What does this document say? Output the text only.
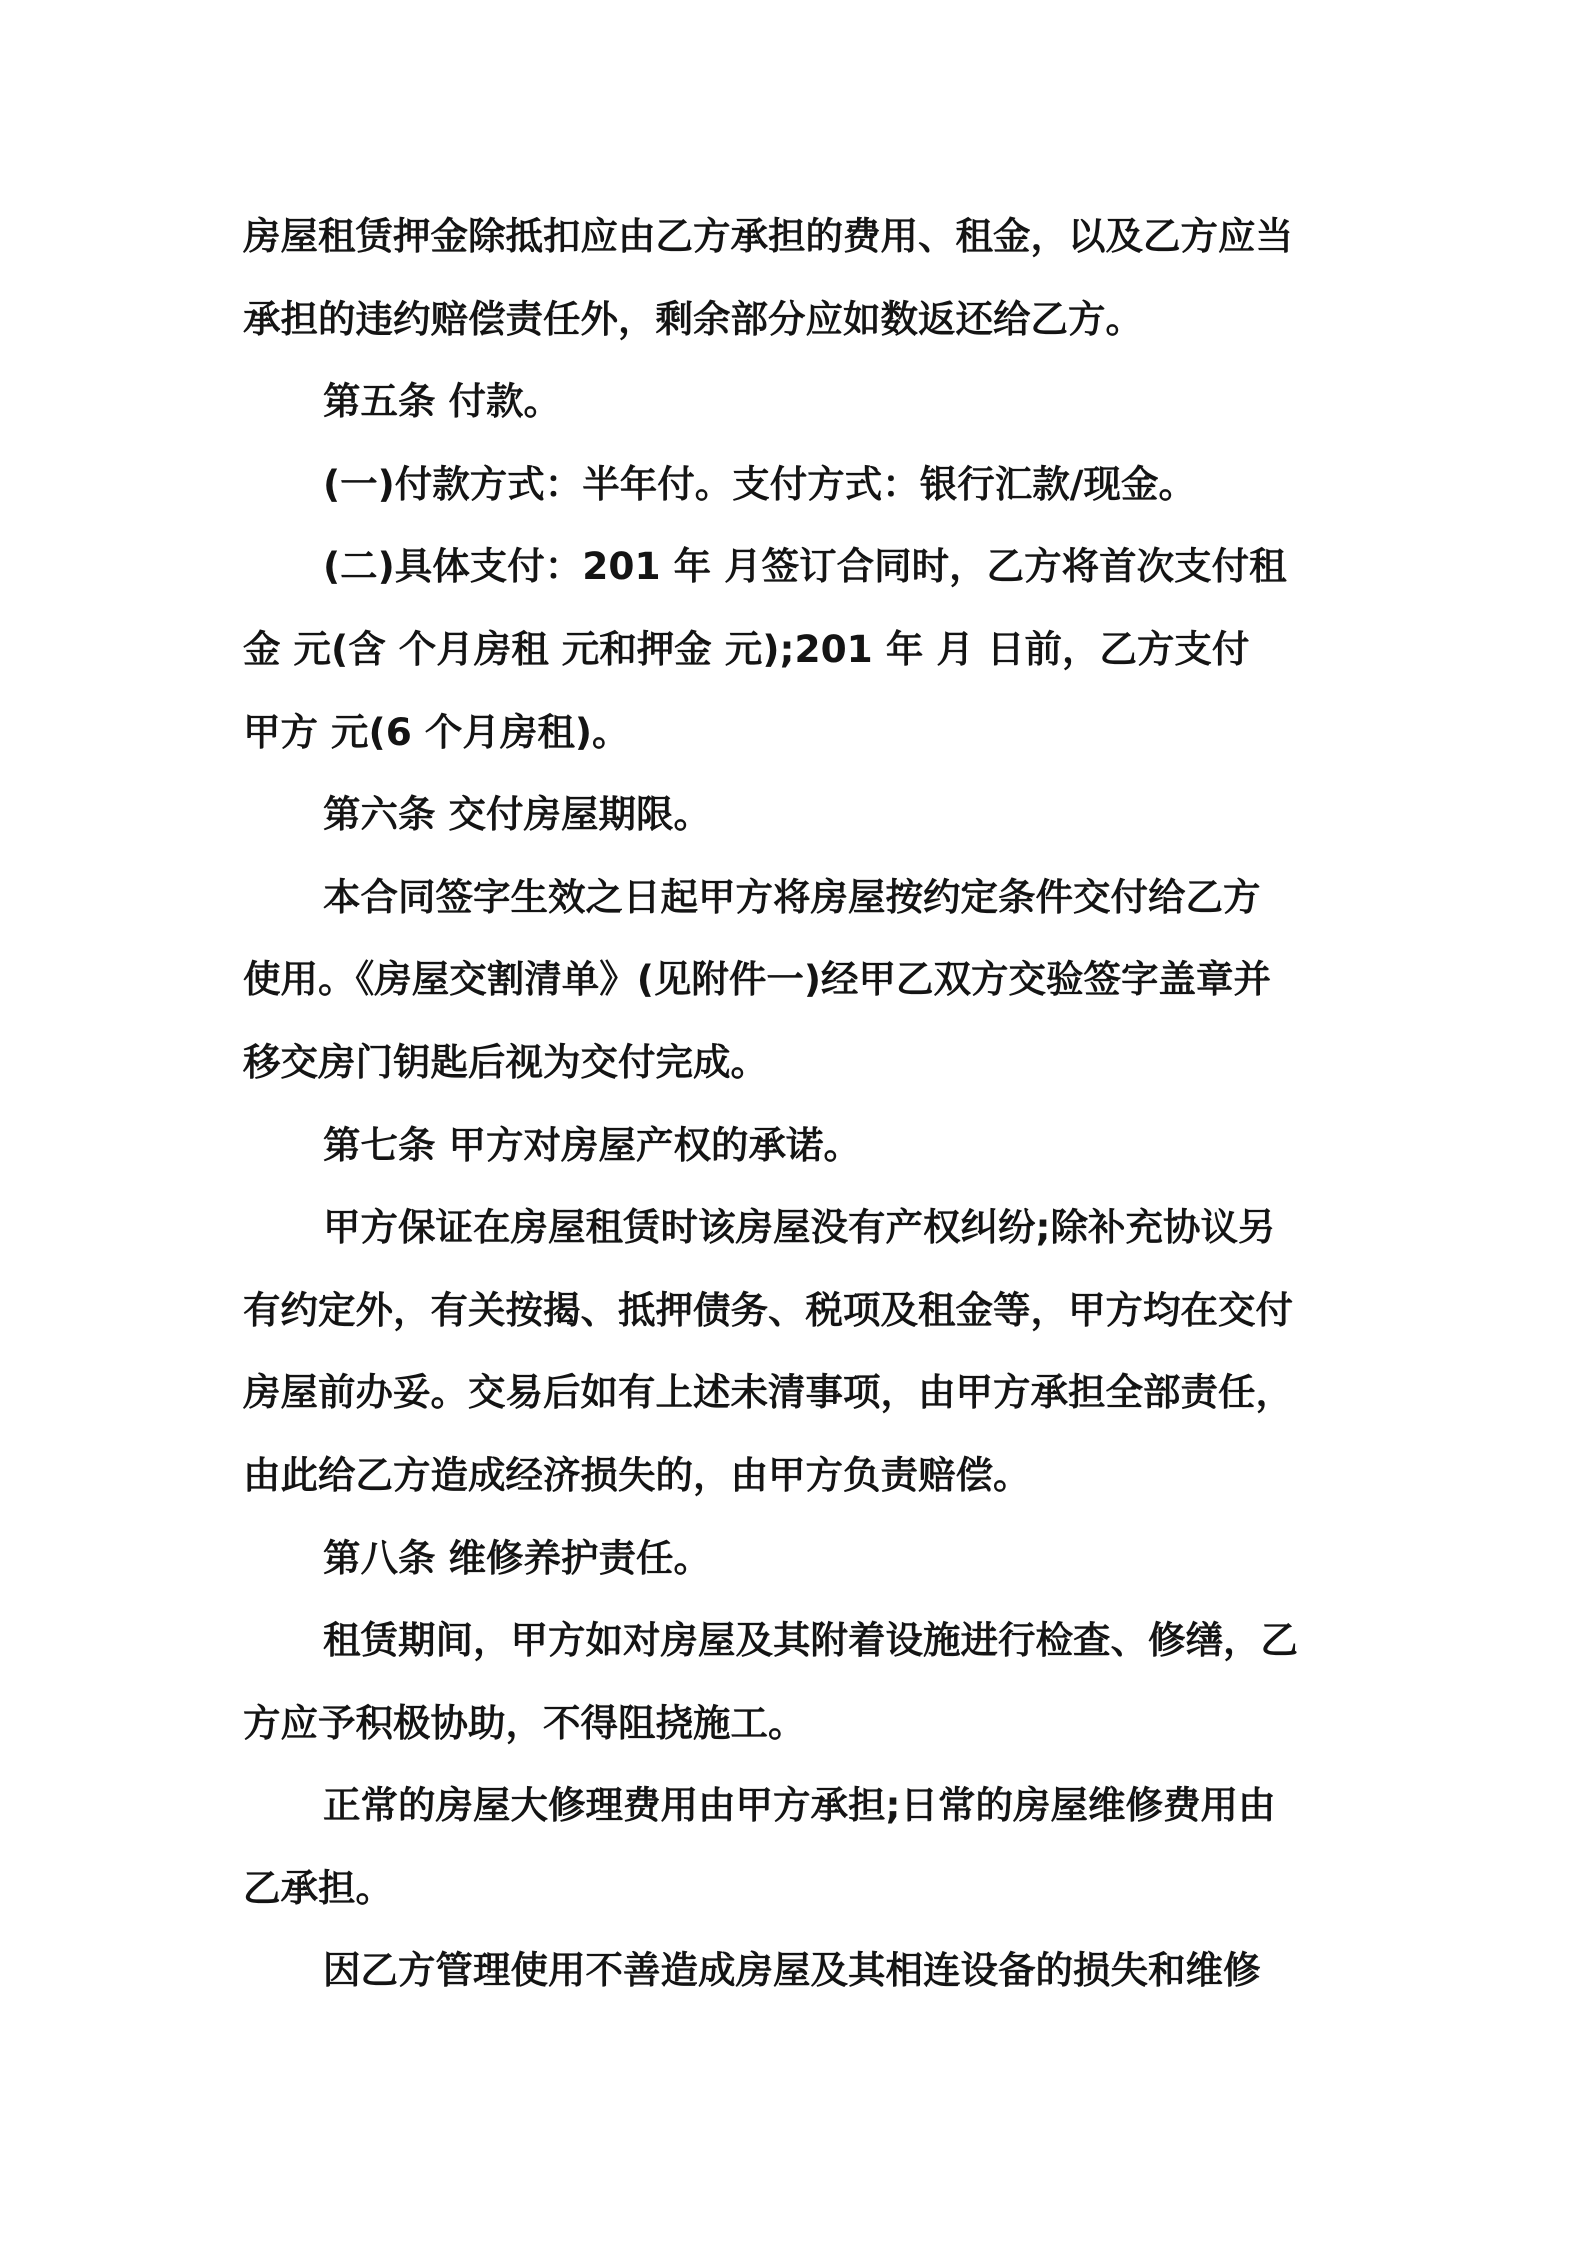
房屋租赁押金除抵扣应由乙方承担的费用、租金，以及乙方应当
承担的违约赔偿责任外，剩余部分应如数返还给乙方。
第五条 付款。
(一)付款方式：半年付。支付方式：银行汇款/现金。
(二)具体支付：201 年 月签订合同时，乙方将首次支付租
金 元(含 个月房租 元和押金 元);201 年 月 日前，乙方支付
甲方 元(6 个月房租)。
第六条 交付房屋期限。
本合同签字生效之日起甲方将房屋按约定条件交付给乙方
使用。《房屋交割清单》(见附件一)经甲乙双方交验签字盖章并
移交房门钥匙后视为交付完成。
第七条 甲方对房屋产权的承诺。
甲方保证在房屋租赁时该房屋没有产权纠纷;除补充协议另
有约定外，有关按揭、抵押债务、税项及租金等，甲方均在交付
房屋前办妥。交易后如有上述未清事项，由甲方承担全部责任，
由此给乙方造成经济损失的，由甲方负责赔偿。
第八条 维修养护责任。
租赁期间，甲方如对房屋及其附着设施进行检查、修缮，乙
方应予积极协助，不得阻挠施工。
正常的房屋大修理费用由甲方承担;日常的房屋维修费用由
乙承担。
因乙方管理使用不善造成房屋及其相连设备的损失和维修
